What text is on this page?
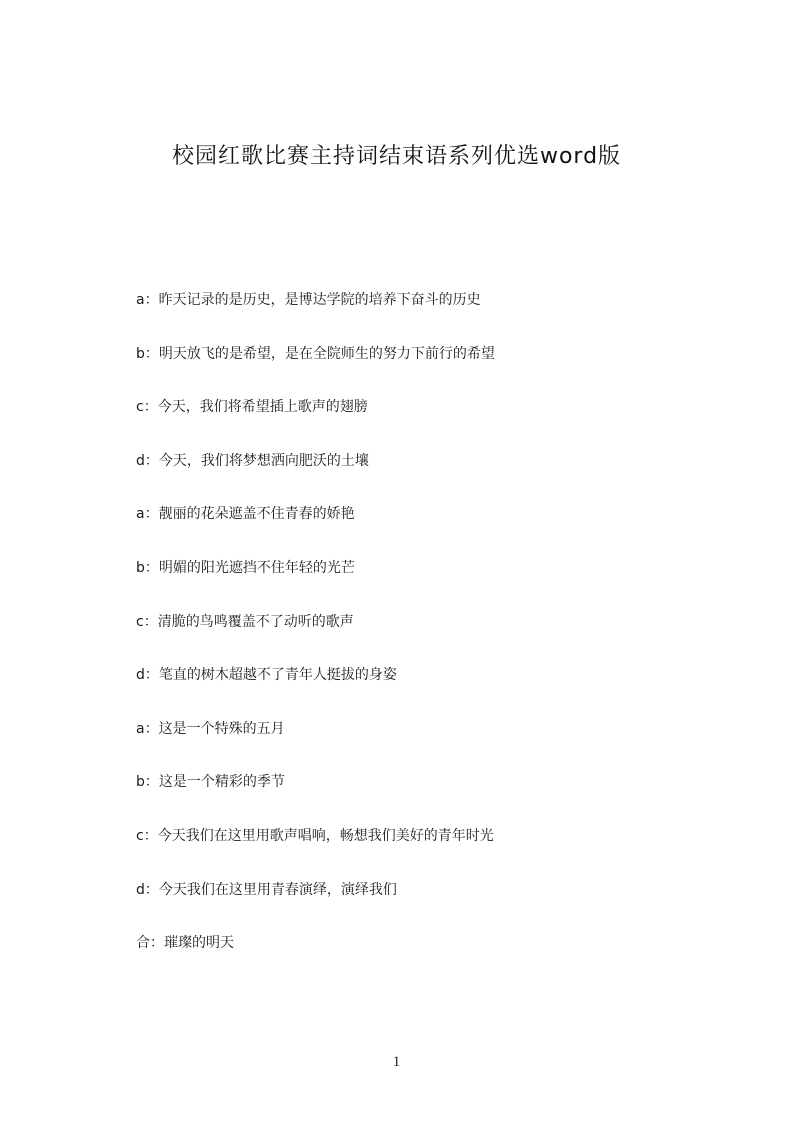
校园红歌比赛主持词结束语系列优选word版
a：昨天记录的是历史，是博达学院的培养下奋斗的历史
b：明天放飞的是希望，是在全院师生的努力下前行的希望
c：今天，我们将希望插上歌声的翅膀
d：今天，我们将梦想洒向肥沃的土壤
a：靓丽的花朵遮盖不住青春的娇艳
b：明媚的阳光遮挡不住年轻的光芒
c：清脆的鸟鸣覆盖不了动听的歌声
d：笔直的树木超越不了青年人挺拔的身姿
a：这是一个特殊的五月
b：这是一个精彩的季节
c：今天我们在这里用歌声唱响，畅想我们美好的青年时光
d：今天我们在这里用青春演绎，演绎我们
合：璀璨的明天
1
